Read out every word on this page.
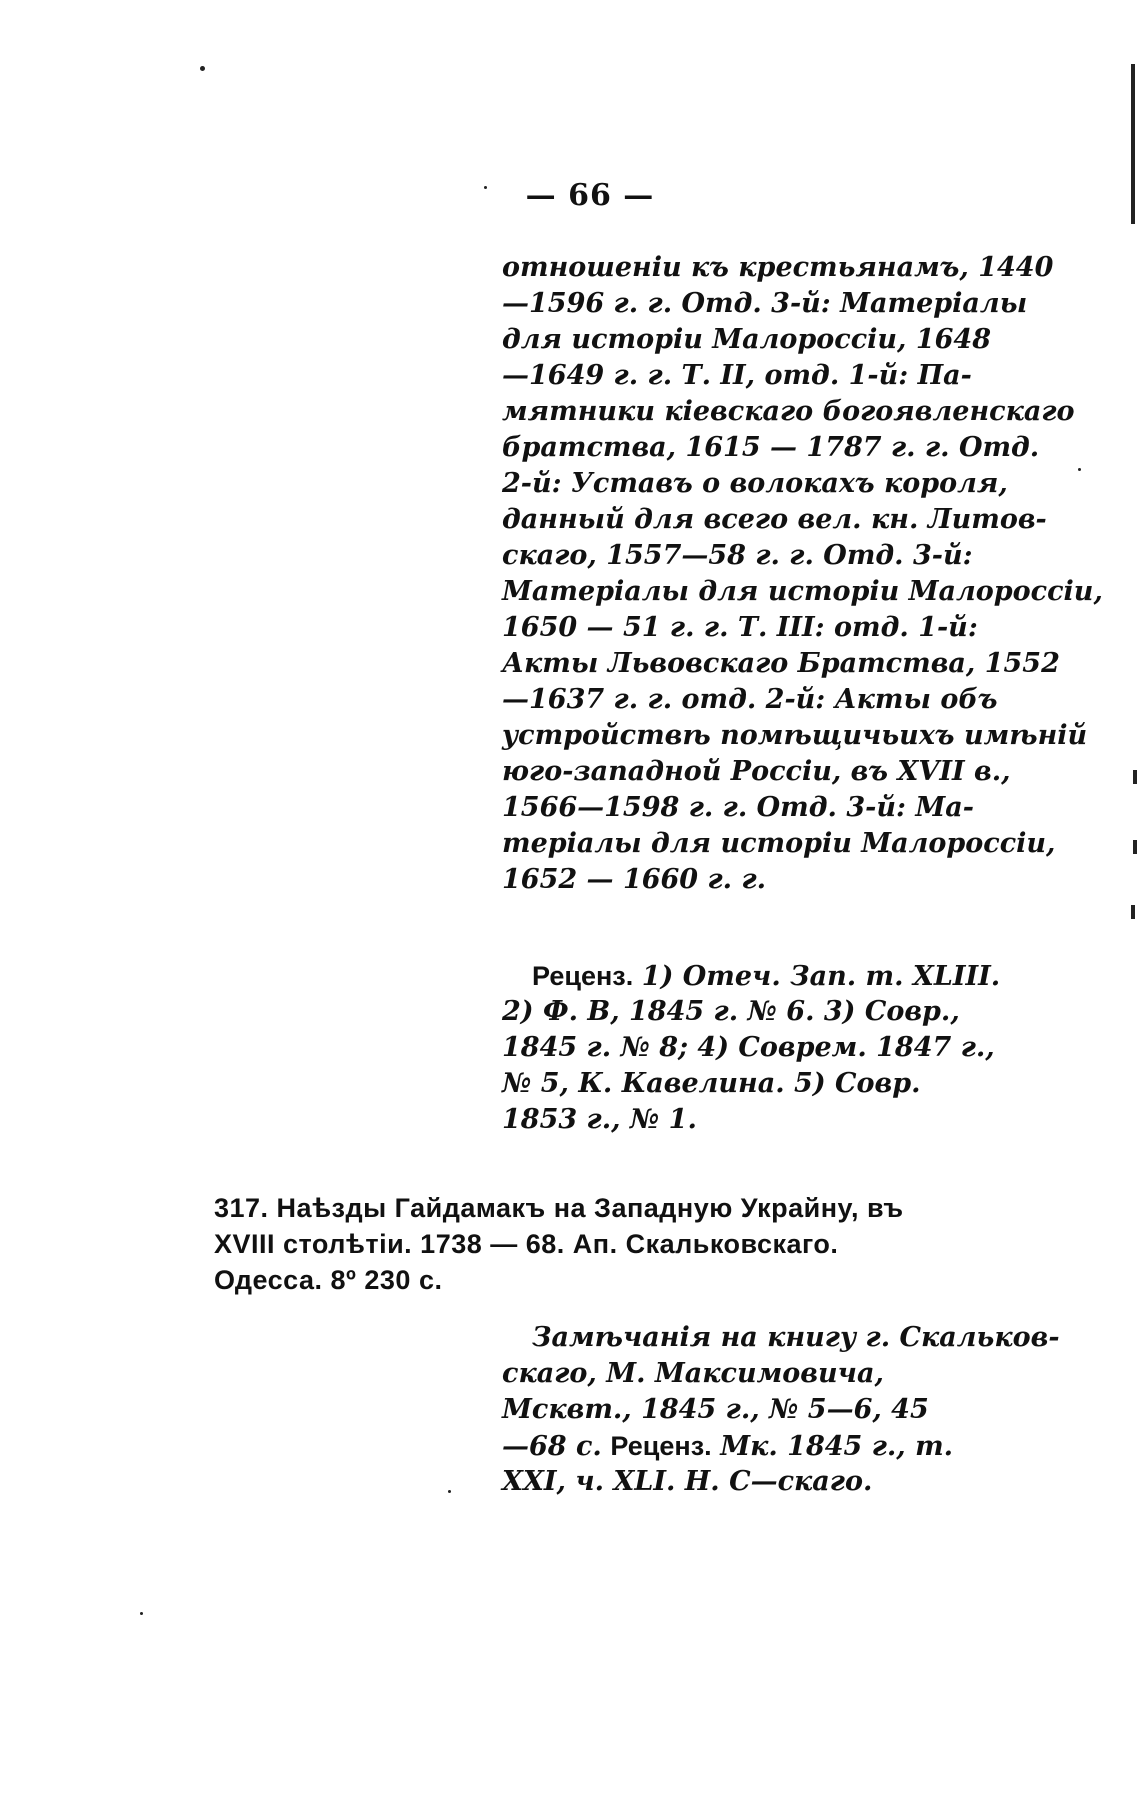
— 66 —
отношеніи къ крестьянамъ, 1440
—1596 г. г. Отд. 3-й: Матеріалы
для исторіи Малороссіи, 1648
—1649 г. г. Т. II, отд. 1-й: Па-
мятники кіевскаго богоявленскаго
братства, 1615 — 1787 г. г. Отд.
2-й: Уставъ о волокахъ короля,
данный для всего вел. кн. Литов-
скаго, 1557—58 г. г. Отд. 3-й:
Матеріалы для исторіи Малороссіи,
1650 — 51 г. г. Т. III: отд. 1-й:
Акты Львовскаго Братства, 1552
—1637 г. г. отд. 2-й: Акты объ
устройствѣ помѣщичьихъ имѣній
юго-западной Россіи, въ XVII в.,
1566—1598 г. г. Отд. 3-й: Ма-
теріалы для исторіи Малороссіи,
1652 — 1660 г. г.
Реценз. 1) Отеч. Зап. т. XLIII.
2) Ф. В, 1845 г. № 6. 3) Совр.,
1845 г. № 8; 4) Соврем. 1847 г.,
№ 5, К. Кавелина. 5) Совр.
1853 г., № 1.
317. Наѣзды Гайдамакъ на Западную Украйну, въ
XVIII столѣтіи. 1738 — 68. Ап. Скальковскаго.
Одесса. 8º 230 с.
Замѣчанія на книгу г. Скальков-
скаго, М. Максимовича,
Мсквт., 1845 г., № 5—6, 45
—68 с. Реценз. Мк. 1845 г., т.
XXI, ч. XLI. Н. С—скаго.
